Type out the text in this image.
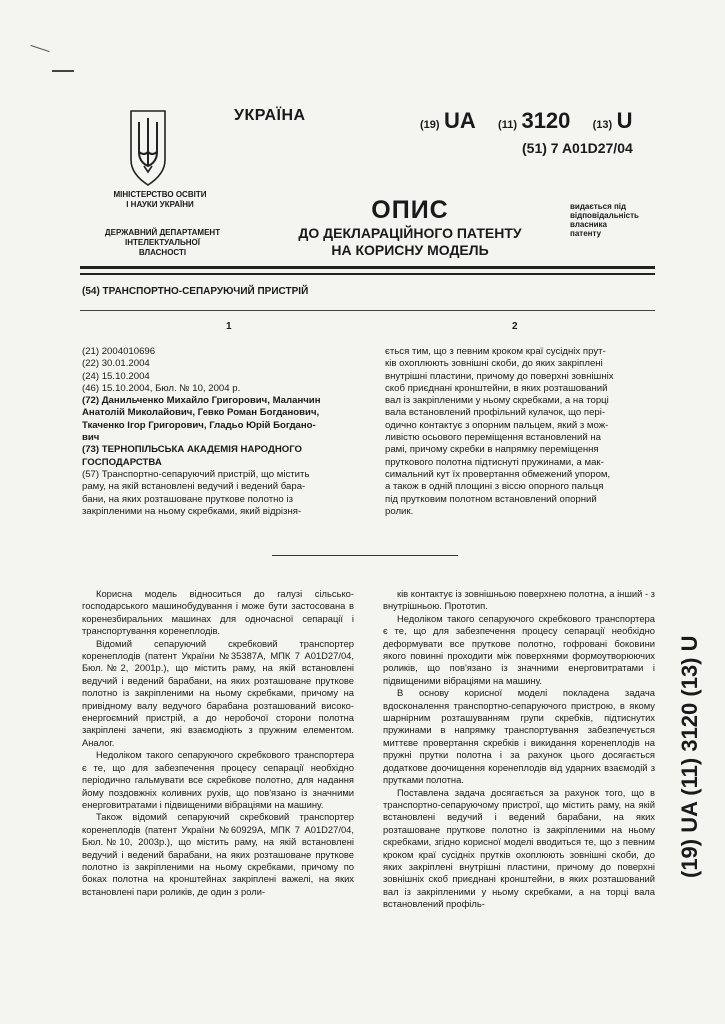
УКРАЇНА
МІНІСТЕРСТВО ОСВІТИ
І НАУКИ УКРАЇНИ
ДЕРЖАВНИЙ ДЕПАРТАМЕНТ
ІНТЕЛЕКТУАЛЬНОЇ
ВЛАСНОСТІ
(19) UA (11) 3120 (13) U
(51) 7 A01D27/04
ОПИС
ДО ДЕКЛАРАЦІЙНОГО ПАТЕНТУ
НА КОРИСНУ МОДЕЛЬ
видається під
відповідальність
власника
патенту
(54) ТРАНСПОРТНО-СЕПАРУЮЧИЙ ПРИСТРІЙ
1	2
(21) 2004010696
(22) 30.01.2004
(24) 15.10.2004
(46) 15.10.2004, Бюл. № 10, 2004 р.
(72) Данильченко Михайло Григорович, Маланчин
Анатолій Миколайович, Гевко Роман Богданович,
Ткаченко Ігор Григорович, Гладьо Юрій Богдано-
вич
(73) ТЕРНОПІЛЬСЬКА АКАДЕМІЯ НАРОДНОГО
ГОСПОДАРСТВА
(57) Транспортно-сепаруючий пристрій, що містить
раму, на якій встановлені ведучий і ведений бара-
бани, на яких розташоване пруткове полотно із
закріпленими на ньому скребками, який відрізня-
ється тим, що з певним кроком краї сусідніх прут-
ків охоплюють зовнішні скоби, до яких закріплені
внутрішні пластини, причому до поверхні зовнішніх
скоб приєднані кронштейни, в яких розташований
вал із закріпленими у ньому скребками, а на торці
вала встановлений профільний кулачок, що пері-
одично контактує з опорним пальцем, який з мож-
ливістю осьового переміщення встановлений на
рамі, причому скребки в напрямку переміщення
пруткового полотна підтиснуті пружинами, а мак-
симальний кут їх провертання обмежений упором,
а також в одній площині з віссю опорного пальця
під прутковим полотном встановлений опорний
ролик.

Корисна модель відноситься до галузі сільсько-господарського машинобудування і може бути застосована в коренезбиральних машинах для одночасної сепарації і транспортування коренеплодів.

Відомий сепаруючий скребковий транспортер коренеплодів (патент України №35387А, МПК 7 А01D27/04, Бюл.№2, 2001р.), що містить раму, на якій встановлені ведучий і ведений барабани, на яких розташоване пруткове полотно із закріпленими на ньому скребками, причому на привідному валу ведучого барабана розташований високо-енергоємний пристрій, а до неробочої сторони полотна закріплені зачепи, які взаємодіють з пружним елементом. Аналог.

Недоліком такого сепаруючого скребкового транспортера є те, що для забезпечення процесу сепарації необхідно періодично гальмувати все скребкове полотно, для надання йому поздовжніх коливних рухів, що пов'язано із значними енерговитратами і підвищеними вібраціями на машину.

Також відомий сепаруючий скребковий транспортер коренеплодів (патент України №60929А, МПК 7 А01D27/04, Бюл.№10, 2003р.), що містить раму, на якій встановлені ведучий і ведений барабани, на яких розташоване пруткове полотно із закріпленими на ньому скребками, причому по боках полотна на кронштейнах закріплені важелі, на яких встановлені пари роликів, де один з роли-

ків контактує із зовнішньою поверхнею полотна, а інший - з внутрішньою. Прототип.

Недоліком такого сепаруючого скребкового транспортера є те, що для забезпечення процесу сепарації необхідно деформувати все пруткове полотно, гофровані боковини якого повинні проходити між поверхнями формоутворюючих роликів, що пов'язано із значними енерговитратами і підвищеними вібраціями на машину.

В основу корисної моделі покладена задача вдосконалення транспортно-сепаруючого пристрою, в якому шарнірним розташуванням групи скребків, підтиснутих пружинами в напрямку транспортування забезпечується миттєве провертання скребків і викидання коренеплодів на пружні прутки полотна і за рахунок цього досягається додаткове доочищення коренеплодів від ударних взаємодій з прутками полотна.

Поставлена задача досягається за рахунок того, що в транспортно-сепаруючому пристрої, що містить раму, на якій встановлені ведучий і ведений барабани, на яких розташоване пруткове полотно із закріпленими на ньому скребками, згідно корисної моделі вводиться те, що з певним кроком краї сусідніх прутків охоплюють зовнішні скоби, до яких закріплені внутрішні пластини, причому до поверхні зовнішніх скоб приєднані кронштейни, в яких розташований вал із закріпленими у ньому скребками, а на торці вала встановлений профіль-

(19) UA (11) 3120 (13) U
